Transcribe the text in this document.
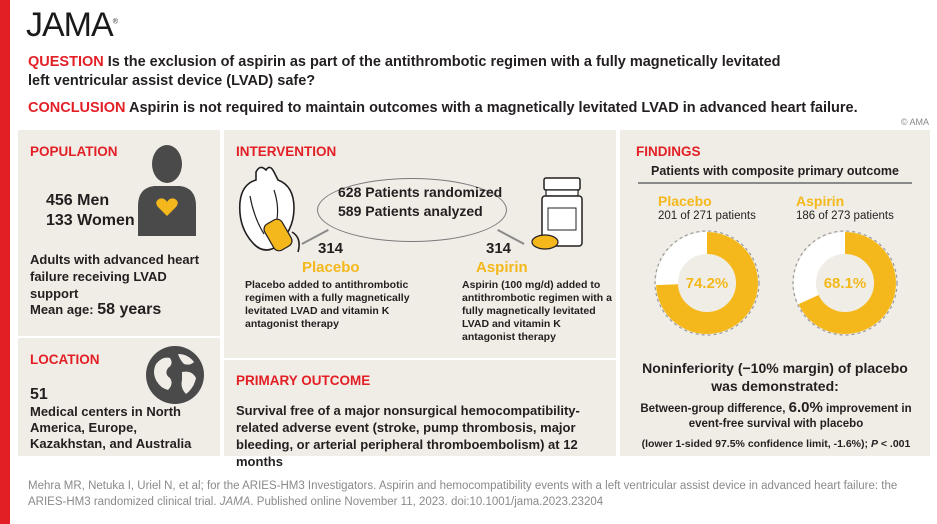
JAMA®
QUESTION Is the exclusion of aspirin as part of the antithrombotic regimen with a fully magnetically levitated left ventricular assist device (LVAD) safe?
CONCLUSION Aspirin is not required to maintain outcomes with a magnetically levitated LVAD in advanced heart failure.
© AMA
POPULATION
456 Men
133 Women
Adults with advanced heart failure receiving LVAD support
Mean age: 58 years
LOCATION
51
Medical centers in North America, Europe, Kazakhstan, and Australia
INTERVENTION
PRIMARY OUTCOME
Survival free of a major nonsurgical hemocompatibility-related adverse event (stroke, pump thrombosis, major bleeding, or arterial peripheral thromboembolism) at 12 months
628 Patients randomized
589 Patients analyzed
314
Placebo
Placebo added to antithrombotic regimen with a fully magnetically levitated LVAD and vitamin K antagonist therapy
314
Aspirin
Aspirin (100 mg/d) added to antithrombotic regimen with a fully magnetically levitated LVAD and vitamin K antagonist therapy
FINDINGS
Patients with composite primary outcome
Placebo
201 of 271 patients
Aspirin
186 of 273 patients
74.2%	68.1%
Noninferiority (−10% margin) of placebo was demonstrated:
Between-group difference, 6.0% improvement in event-free survival with placebo
(lower 1-sided 97.5% confidence limit, -1.6%); P < .001
Mehra MR, Netuka I, Uriel N, et al; for the ARIES-HM3 Investigators. Aspirin and hemocompatibility events with a left ventricular assist device in advanced heart failure: the ARIES-HM3 randomized clinical trial. JAMA. Published online November 11, 2023. doi:10.1001/jama.2023.23204
